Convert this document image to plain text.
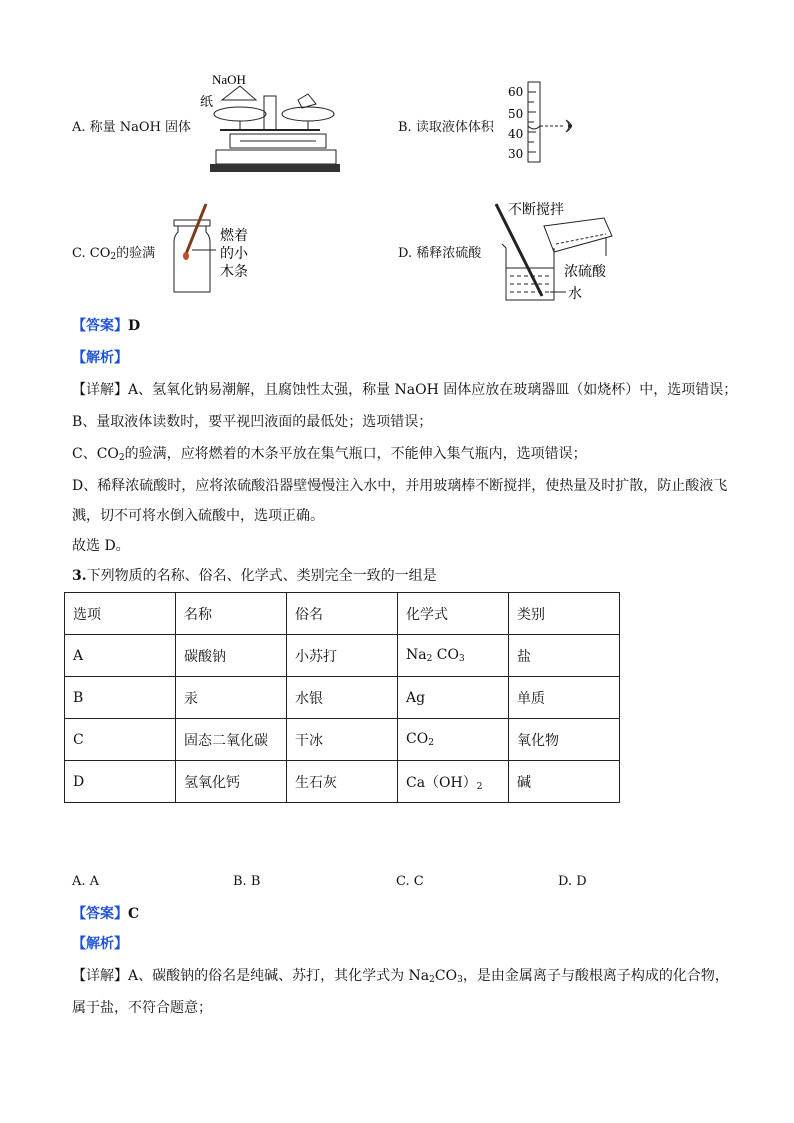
A. 称量 NaOH 固体
NaOH
纸
B. 读取液体体积
60
50
40
30
C. $CO_2$的验满
燃着
的小
木条
D. 稀释浓硫酸
不断搅拌
浓硫酸
水
【答案】D
【解析】
【详解】A、氢氧化钠易潮解，且腐蚀性太强，称量 NaOH 固体应放在玻璃器皿（如烧杯）中，选项错误；
B、量取液体读数时，要平视凹液面的最低处；选项错误；
C、$CO_2$的验满，应将燃着的木条平放在集气瓶口，不能伸入集气瓶内，选项错误；
D、稀释浓硫酸时，应将浓硫酸沿器壁慢慢注入水中，并用玻璃棒不断搅拌，使热量及时扩散，防止酸液飞
溅，切不可将水倒入硫酸中，选项正确。
故选 D。
3.下列物质的名称、俗名、化学式、类别完全一致的一组是
选项	名称	俗名	化学式	类别
A	碳酸钠	小苏打	$Na_2$ $CO_3$	盐
B	汞	水银	Ag	单质
C	固态二氧化碳	干冰	$CO_2$	氧化物
D	氢氧化钙	生石灰	$Ca(OH)_2$	碱
A. A	B. B	C. C	D. D
【答案】C
【解析】
【详解】A、碳酸钠的俗名是纯碱、苏打，其化学式为 $Na_2CO_3$，是由金属离子与酸根离子构成的化合物，
属于盐，不符合题意；
